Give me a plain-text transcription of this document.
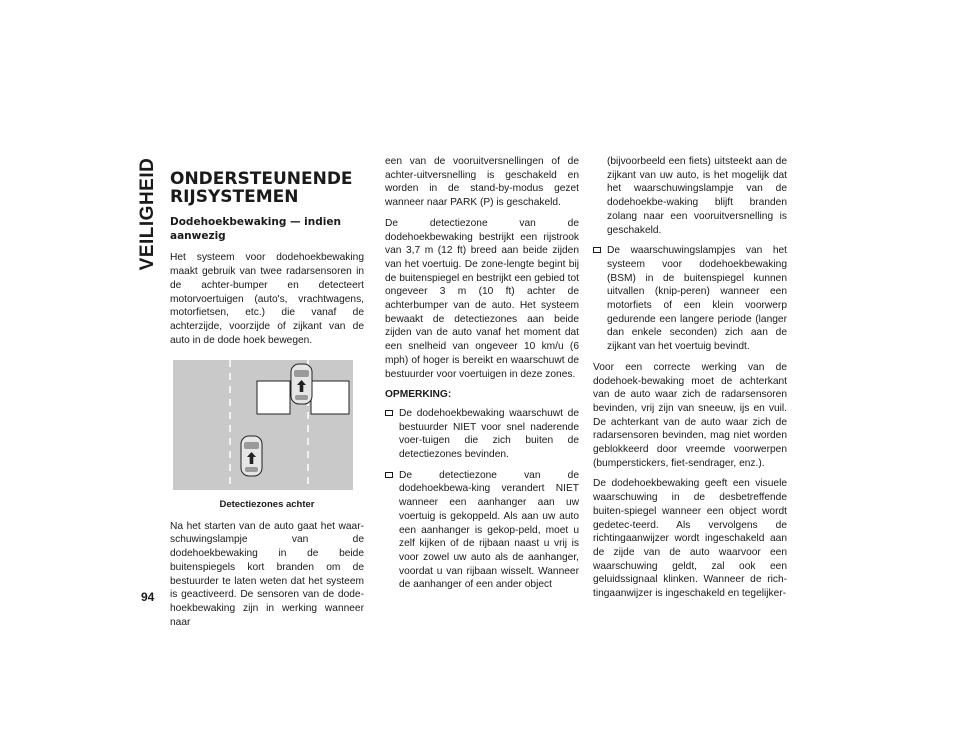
VEILIGHEID
94
ONDERSTEUNENDE RIJSYSTEMEN
Dodehoekbewaking — indien aanwezig

Het systeem voor dodehoekbewaking maakt gebruik van twee radarsensoren in de achter-bumper en detecteert motorvoertuigen (auto's, vrachtwagens, motorfietsen, etc.) die vanaf de achterzijde, voorzijde of zijkant van de auto in de dode hoek bewegen.

Detectiezones achter

Na het starten van de auto gaat het waar-schuwingslampje van de dodehoekbewaking in de beide buitenspiegels kort branden om de bestuurder te laten weten dat het systeem is geactiveerd. De sensoren van de dode-hoekbewaking zijn in werking wanneer naar

een van de vooruitversnellingen of de achter-uitversnelling is geschakeld en worden in de stand-by-modus gezet wanneer naar PARK (P) is geschakeld.

De detectiezone van de dodehoekbewaking bestrijkt een rijstrook van 3,7 m (12 ft) breed aan beide zijden van het voertuig. De zone-lengte begint bij de buitenspiegel en bestrijkt een gebied tot ongeveer 3 m (10 ft) achter de achterbumper van de auto. Het systeem bewaakt de detectiezones aan beide zijden van de auto vanaf het moment dat een snelheid van ongeveer 10 km/u (6 mph) of hoger is bereikt en waarschuwt de bestuurder voor voertuigen in deze zones.

OPMERKING:
De dodehoekbewaking waarschuwt de bestuurder NIET voor snel naderende voer-tuigen die zich buiten de detectiezones bevinden.
De detectiezone van de dodehoekbewa-king verandert NIET wanneer een aanhanger aan uw voertuig is gekoppeld. Als aan uw auto een aanhanger is gekop-peld, moet u zelf kijken of de rijbaan naast u vrij is voor zowel uw auto als de aanhanger, voordat u van rijbaan wisselt. Wanneer de aanhanger of een ander object
(bijvoorbeeld een fiets) uitsteekt aan de zijkant van uw auto, is het mogelijk dat het waarschuwingslampje van de dodehoekbe-waking blijft branden zolang naar een vooruitversnelling is geschakeld.
De waarschuwingslampjes van het systeem voor dodehoekbewaking (BSM) in de buitenspiegel kunnen uitvallen (knip-peren) wanneer een motorfiets of een klein voorwerp gedurende een langere periode (langer dan enkele seconden) zich aan de zijkant van het voertuig bevindt.

Voor een correcte werking van de dodehoek-bewaking moet de achterkant van de auto waar zich de radarsensoren bevinden, vrij zijn van sneeuw, ijs en vuil. De achterkant van de auto waar zich de radarsensoren bevinden, mag niet worden geblokkeerd door vreemde voorwerpen (bumperstickers, fiet-sendrager, enz.).

De dodehoekbewaking geeft een visuele waarschuwing in de desbetreffende buiten-spiegel wanneer een object wordt gedetec-teerd. Als vervolgens de richtingaanwijzer wordt ingeschakeld aan de zijde van de auto waarvoor een waarschuwing geldt, zal ook een geluidssignaal klinken. Wanneer de rich-tingaanwijzer is ingeschakeld en tegelijker-
